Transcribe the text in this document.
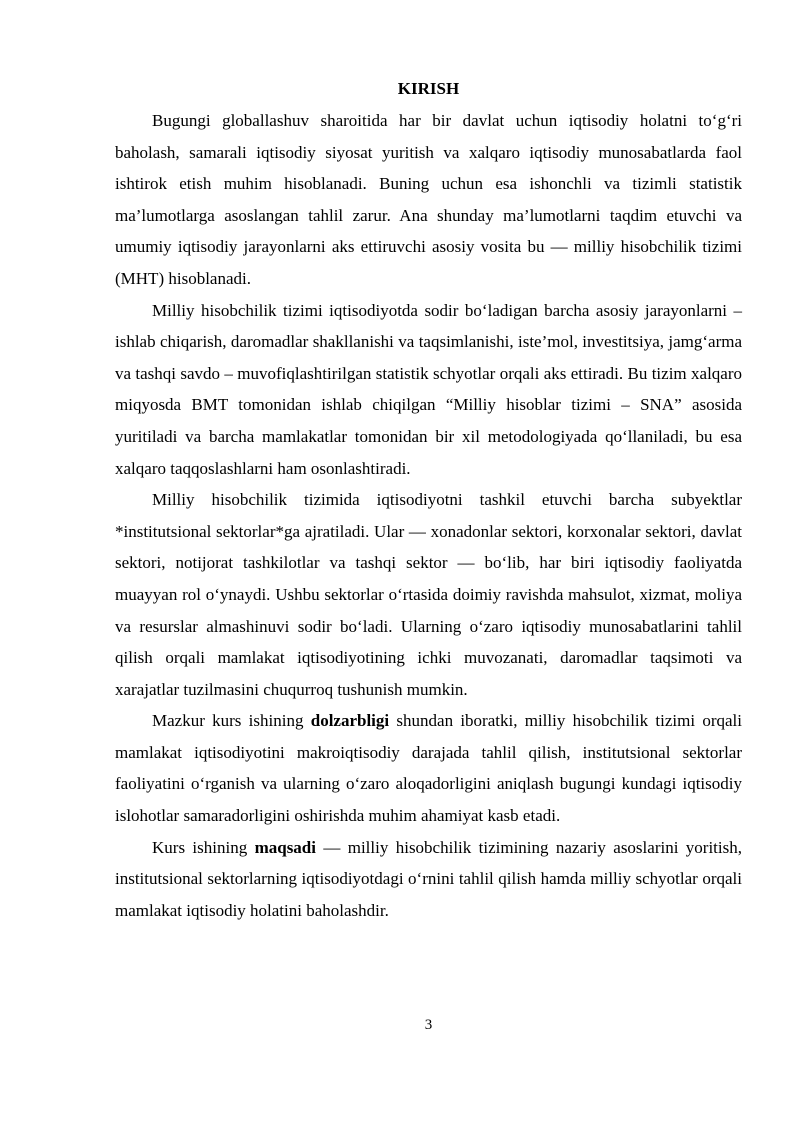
KIRISH

Bugungi globallashuv sharoitida har bir davlat uchun iqtisodiy holatni to‘g‘ri baholash, samarali iqtisodiy siyosat yuritish va xalqaro iqtisodiy munosabatlarda faol ishtirok etish muhim hisoblanadi. Buning uchun esa ishonchli va tizimli statistik ma’lumotlarga asoslangan tahlil zarur. Ana shunday ma’lumotlarni taqdim etuvchi va umumiy iqtisodiy jarayonlarni aks ettiruvchi asosiy vosita bu — milliy hisobchilik tizimi (MHT) hisoblanadi.

Milliy hisobchilik tizimi iqtisodiyotda sodir bo‘ladigan barcha asosiy jarayonlarni – ishlab chiqarish, daromadlar shakllanishi va taqsimlanishi, iste’mol, investitsiya, jamg‘arma va tashqi savdo – muvofiqlashtirilgan statistik schyotlar orqali aks ettiradi. Bu tizim xalqaro miqyosda BMT tomonidan ishlab chiqilgan “Milliy hisoblar tizimi – SNA” asosida yuritiladi va barcha mamlakatlar tomonidan bir xil metodologiyada qo‘llaniladi, bu esa xalqaro taqqoslashlarni ham osonlashtiradi.

Milliy hisobchilik tizimida iqtisodiyotni tashkil etuvchi barcha subyektlar *institutsional sektorlar*ga ajratiladi. Ular — xonadonlar sektori, korxonalar sektori, davlat sektori, notijorat tashkilotlar va tashqi sektor — bo‘lib, har biri iqtisodiy faoliyatda muayyan rol o‘ynaydi. Ushbu sektorlar o‘rtasida doimiy ravishda mahsulot, xizmat, moliya va resurslar almashinuvi sodir bo‘ladi. Ularning o‘zaro iqtisodiy munosabatlarini tahlil qilish orqali mamlakat iqtisodiyotining ichki muvozanati, daromadlar taqsimoti va xarajatlar tuzilmasini chuqurroq tushunish mumkin.

Mazkur kurs ishining dolzarbligi shundan iboratki, milliy hisobchilik tizimi orqali mamlakat iqtisodiyotini makroiqtisodiy darajada tahlil qilish, institutsional sektorlar faoliyatini o‘rganish va ularning o‘zaro aloqadorligini aniqlash bugungi kundagi iqtisodiy islohotlar samaradorligini oshirishda muhim ahamiyat kasb etadi.

Kurs ishining maqsadi — milliy hisobchilik tizimining nazariy asoslarini yoritish, institutsional sektorlarning iqtisodiyotdagi o‘rnini tahlil qilish hamda milliy schyotlar orqali mamlakat iqtisodiy holatini baholashdir.

3
